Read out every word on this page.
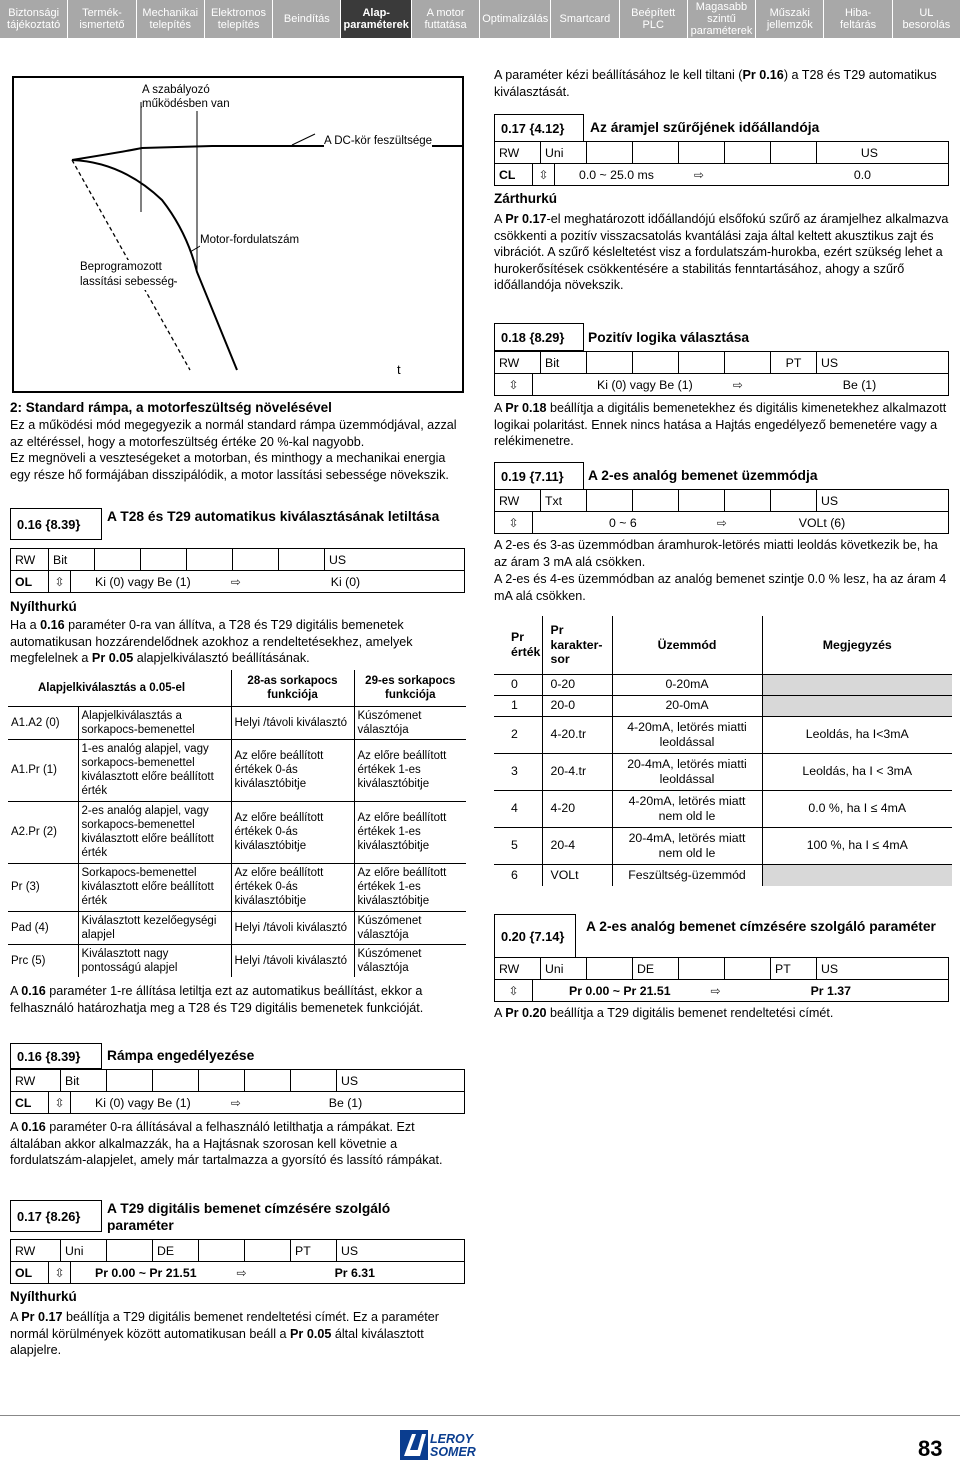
Biztonsági
tájékoztató
Termék-
ismertető
Mechanikai
telepítés
Elektromos
telepítés	Beindítás	Alap-
paraméterek
A motor
futtatása	Optimalizálás	Smartcard	Beépített
PLC
Magasabb szintű
paraméterek
Műszaki
jellemzők
Hiba-
feltárás
UL
besorolás
A szabályozó
működésben van
A DC-kör feszültsége
Motor-fordulatszám
Beprogramozott
lassítási sebesség
t
2: Standard rámpa, a motorfeszültség növelésével
Ez a működési mód megegyezik a normál standard rámpa üzemmódjával, azzal az eltéréssel, hogy a motorfeszültség értéke 20 %-kal nagyobb.
Ez megnöveli a veszteségeket a motorban, és minthogy a mechanikai energia egy része hő formájában disszipálódik, a motor lassítási sebessége növekszik.
0.16 {8.39}	A T28 és T29 automatikus kiválasztásának letiltása
RW	Bit	US
OL	⇳ Ki (0) vagy Be (1)	⇨	Ki (0)
Nyílthurkú
Ha a 0.16 paraméter 0-ra van állítva, a T28 és T29 digitális bemenetek automatikusan hozzárendelődnek azokhoz a rendeltetésekhez, amelyek megfelelnek a Pr 0.05 alapjelkiválasztó beállításának.
Alapjelkiválasztás a 0.05-el		28-as sorkapocs funkciója	29-es sorkapocs funkciója
A1.A2 (0)	Alapjelkiválasztás a sorkapocs-bemenettel	Helyi /távoli kiválasztó	Kúszómenet választója
A1.Pr (1)	1-es analóg alapjel, vagy sorkapocs-bemenettel kiválasztott előre beállított érték	Az előre beállított értékek 0-ás kiválasztóbitje	Az előre beállított értékek 1-es kiválasztóbitje
A2.Pr (2)	2-es analóg alapjel, vagy sorkapocs-bemenettel kiválasztott előre beállított érték	Az előre beállított értékek 0-ás kiválasztóbitje	Az előre beállított értékek 1-es kiválasztóbitje
Pr (3)	Sorkapocs-bemenettel kiválasztott előre beállított érték	Az előre beállított értékek 0-ás kiválasztóbitje	Az előre beállított értékek 1-es kiválasztóbitje
Pad (4)	Kiválasztott kezelőegységi alapjel	Helyi /távoli kiválasztó	Kúszómenet választója
Prc (5)	Kiválasztott nagy pontosságú alapjel	Helyi /távoli kiválasztó	Kúszómenet választója
A 0.16 paraméter 1-re állítása letiltja ezt az automatikus beállítást, ekkor a felhasználó határozhatja meg a T28 és T29 digitális bemenetek funkcióját.
0.16 {8.39}	Rámpa engedélyezése
RW	Bit	US
CL	⇳ Ki (0) vagy Be (1)	⇨	Be (1)
A 0.16 paraméter 0-ra állításával a felhasználó letilthatja a rámpákat. Ezt általában akkor alkalmazzák, ha a Hajtásnak szorosan kell követnie a fordulatszám-alapjelet, amely már tartalmazza a gyorsító és lassító rámpákat.
0.17 {8.26}	A T29 digitális bemenet címzésére szolgáló paraméter
RW	Uni	DE	PT	US
OL	⇳ Pr 0.00 ~ Pr 21.51	⇨	Pr 6.31
Nyílthurkú
A Pr 0.17 beállítja a T29 digitális bemenet rendeltetési címét. Ez a paraméter normál körülmények között automatikusan beáll a Pr 0.05 által kiválasztott alapjelre.
A paraméter kézi beállításához le kell tiltani (Pr 0.16) a T28 és T29 automatikus kiválasztását.
0.17 {4.12}	Az áramjel szűrőjének időállandója
RW	Uni	US
CL	⇳ 0.0 ~ 25.0 ms	⇨	0.0
Zárthurkú
A Pr 0.17-el meghatározott időállandójú elsőfokú szűrő az áramjelhez alkalmazva csökkenti a pozitív visszacsatolás kvantálási zaja által keltett akusztikus zajt és vibrációt. A szűrő késleltetést visz a fordulatszám-hurokba, ezért szükség lehet a hurokerősítések csökkentésére a stabilitás fenntartásához, ahogy a szűrő időállandója növekszik.
0.18 {8.29}	Pozitív logika választása
RW	Bit	PT	US
⇳	Ki (0) vagy Be (1)	⇨	Be (1)
A Pr 0.18 beállítja a digitális bemenetekhez és digitális kimenetekhez alkalmazott logikai polaritást. Ennek nincs hatása a Hajtás engedélyező bemenetére vagy a relékimenetre.
0.19 {7.11}	A 2-es analóg bemenet üzemmódja
RW	Txt	US
⇳	0 ~ 6	⇨	VOLt (6)
A 2-es és 3-as üzemmódban áramhurok-letörés miatti leoldás következik be, ha az áram 3 mA alá csökken.
A 2-es és 4-es üzemmódban az analóg bemenet szintje 0.0 % lesz, ha az áram 4 mA alá csökken.
Pr
érték	Pr
karakter-
sor	Üzemmód	Megjegyzés
0	0-20	0-20mA	
1	20-0	20-0mA	
2	4-20.tr	4-20mA, letörés miatti leoldással	Leoldás, ha I<3mA
3	20-4.tr	20-4mA, letörés miatti leoldással	Leoldás, ha I < 3mA
4	4-20	4-20mA, letörés miatt nem old le	0.0 %, ha I ≤ 4mA
5	20-4	20-4mA, letörés miatt nem old le	100 %, ha I ≤ 4mA
6	VOLt	Feszültség-üzemmód	
0.20 {7.14}
A 2-es analóg bemenet címzésére szolgáló paraméter
RW	Uni	DE	PT	US
⇳	Pr 0.00 ~ Pr 21.51	⇨	Pr 1.37
A Pr 0.20 beállítja a T29 digitális bemenet rendeltetési címét.
LEROY SOMER	83
